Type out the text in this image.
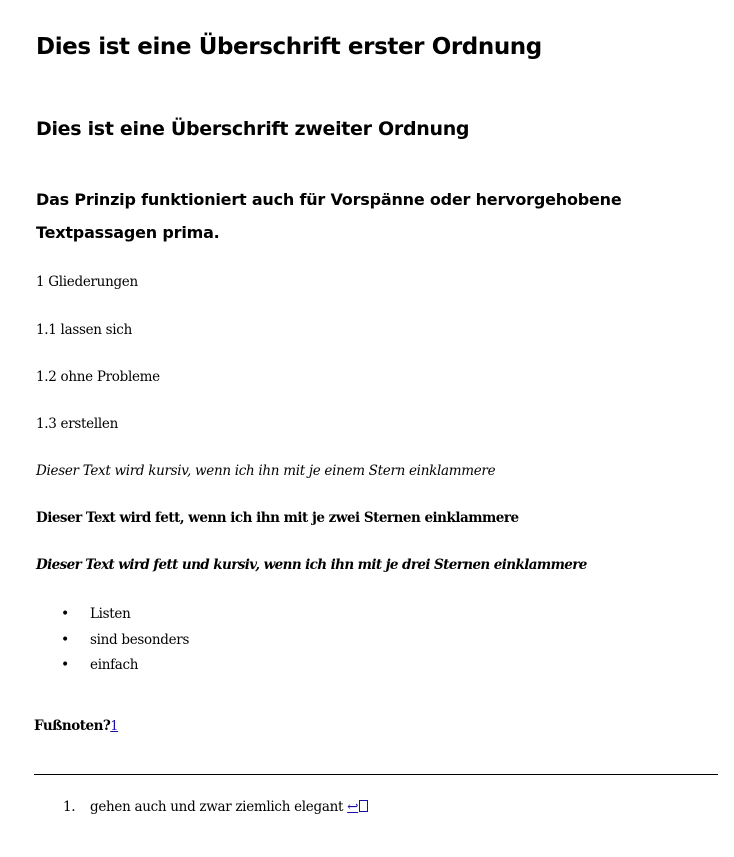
Dies ist eine Überschrift erster Ordnung
Dies ist eine Überschrift zweiter Ordnung

Das Prinzip funktioniert auch für Vorspänne oder hervorgehobene Textpassagen prima.

1 Gliederungen

1.1 lassen sich

1.2 ohne Probleme

1.3 erstellen

Dieser Text wird kursiv, wenn ich ihn mit je einem Stern einklammere

Dieser Text wird fett, wenn ich ihn mit je zwei Sternen einklammere

Dieser Text wird fett und kursiv, wenn ich ihn mit je drei Sternen einklammere

• Listen
• sind besonders
• einfach

Fußnoten?1

1. gehen auch und zwar ziemlich elegant ↩
